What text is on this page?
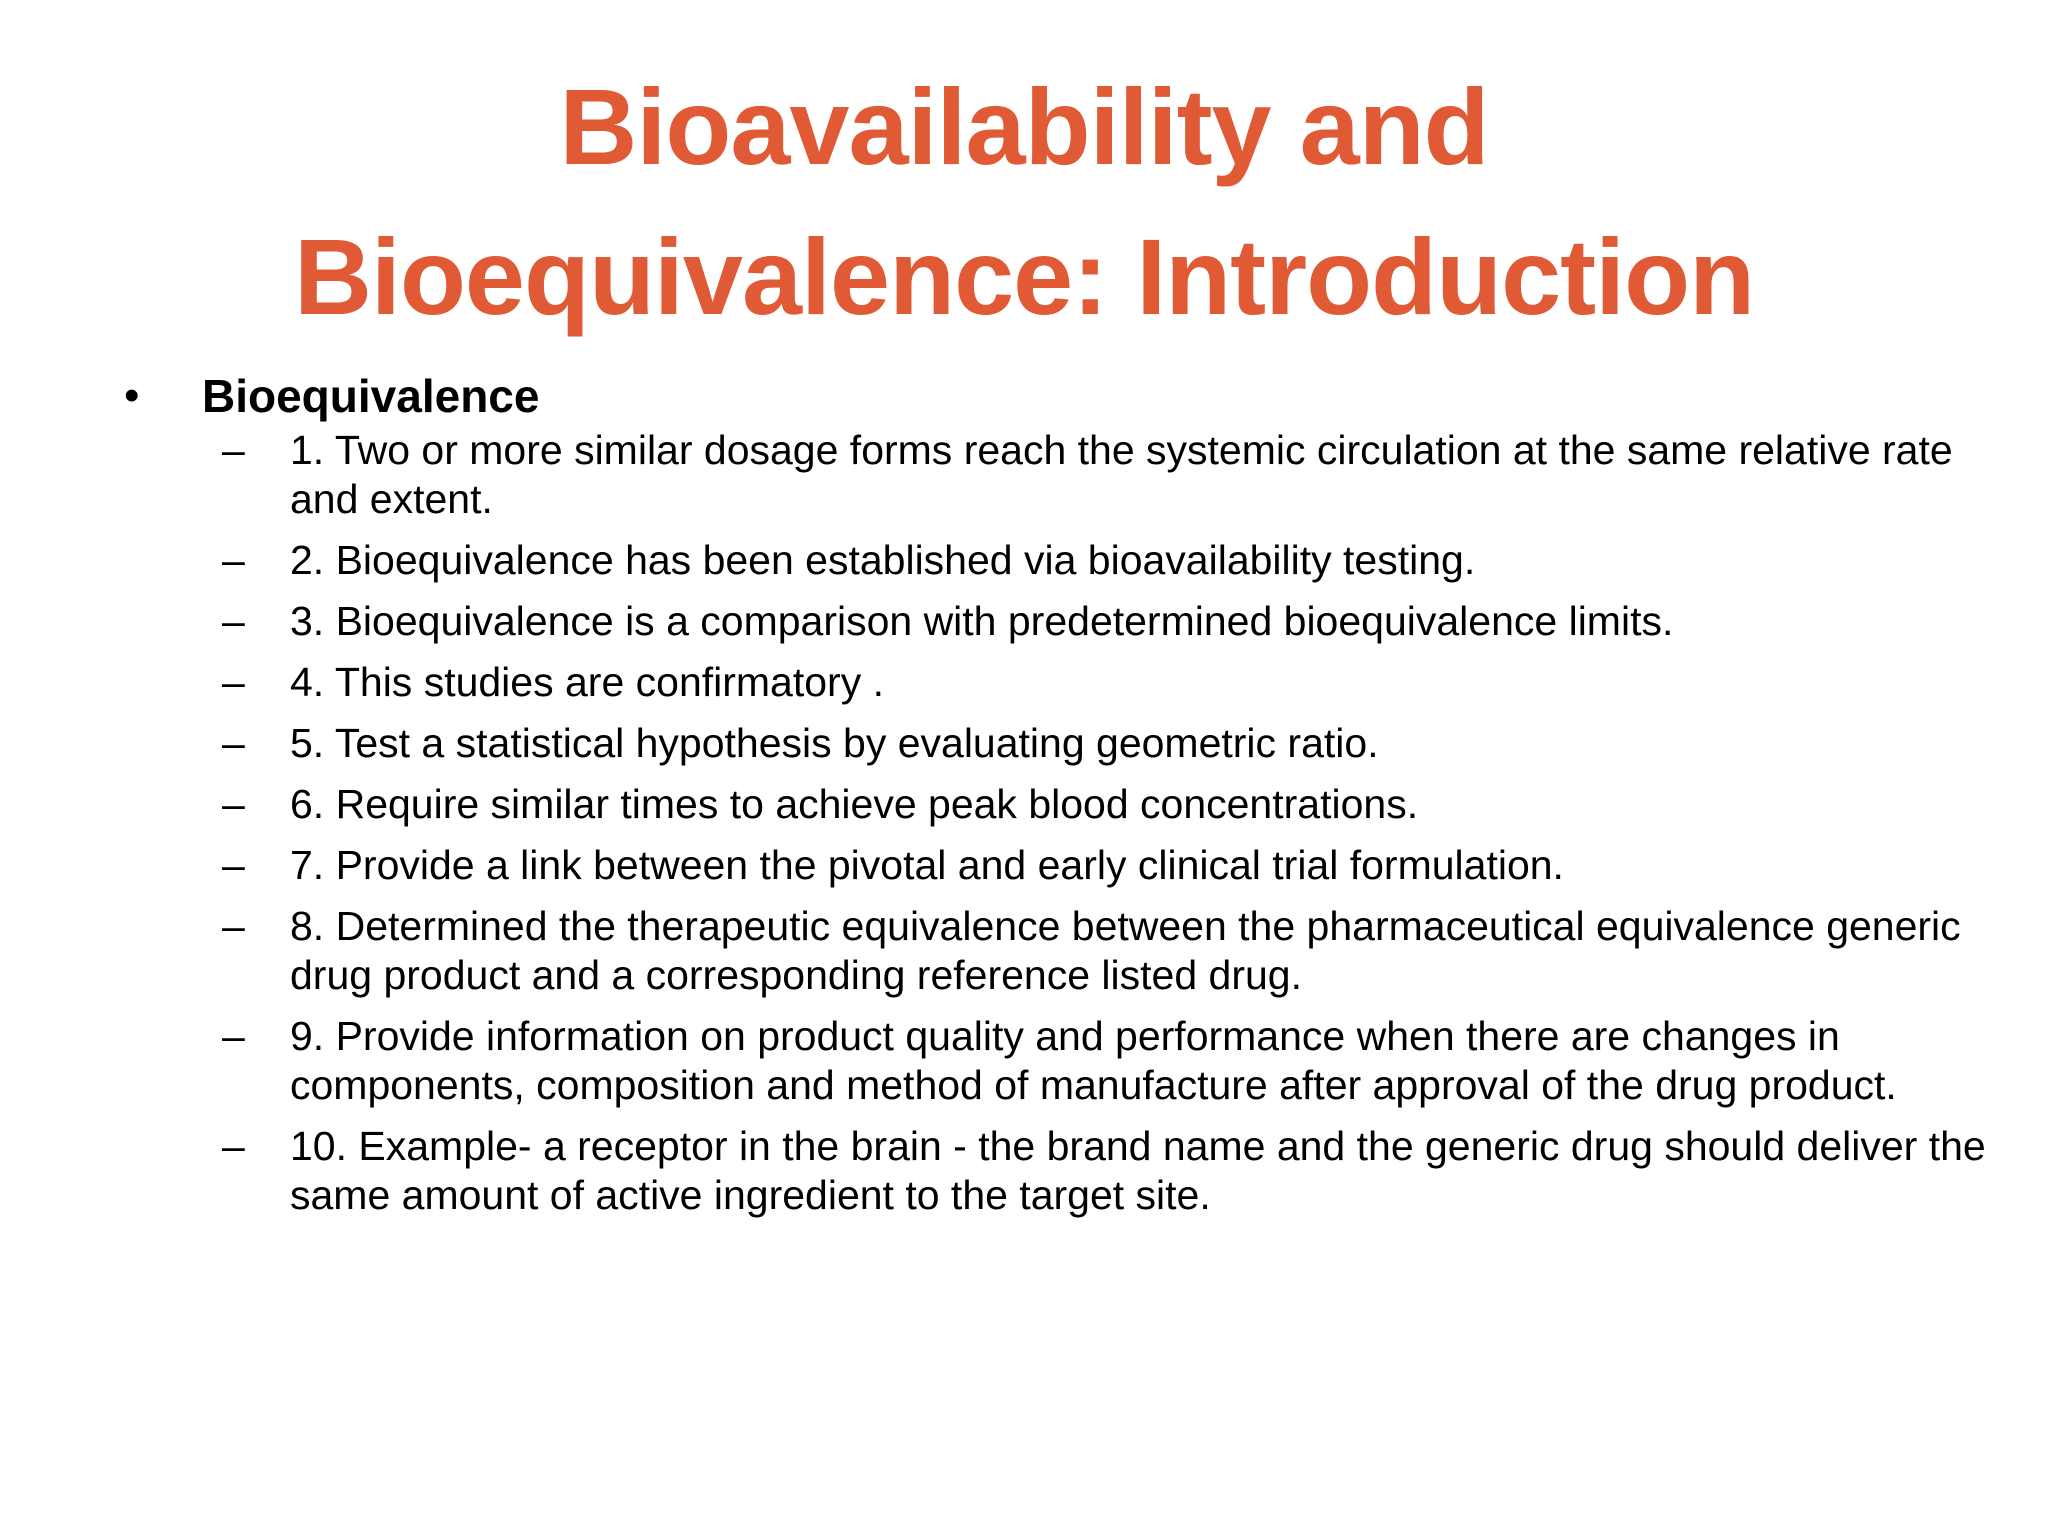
Bioavailability and
Bioequivalence: Introduction
• Bioequivalence
– 1. Two or more similar dosage forms reach the systemic circulation at the same relative rate and extent.
– 2. Bioequivalence has been established via bioavailability testing.
– 3. Bioequivalence is a comparison with predetermined bioequivalence limits.
– 4. This studies are confirmatory .
– 5. Test a statistical hypothesis by evaluating geometric ratio.
– 6. Require similar times to achieve peak blood concentrations.
– 7. Provide a link between the pivotal and early clinical trial formulation.
– 8. Determined the therapeutic equivalence between the pharmaceutical equivalence generic drug product and a corresponding reference listed drug.
– 9. Provide information on product quality and performance when there are changes in components, composition and method of manufacture after approval of the drug product.
– 10. Example- a receptor in the brain - the brand name and the generic drug should deliver the same amount of active ingredient to the target site.
